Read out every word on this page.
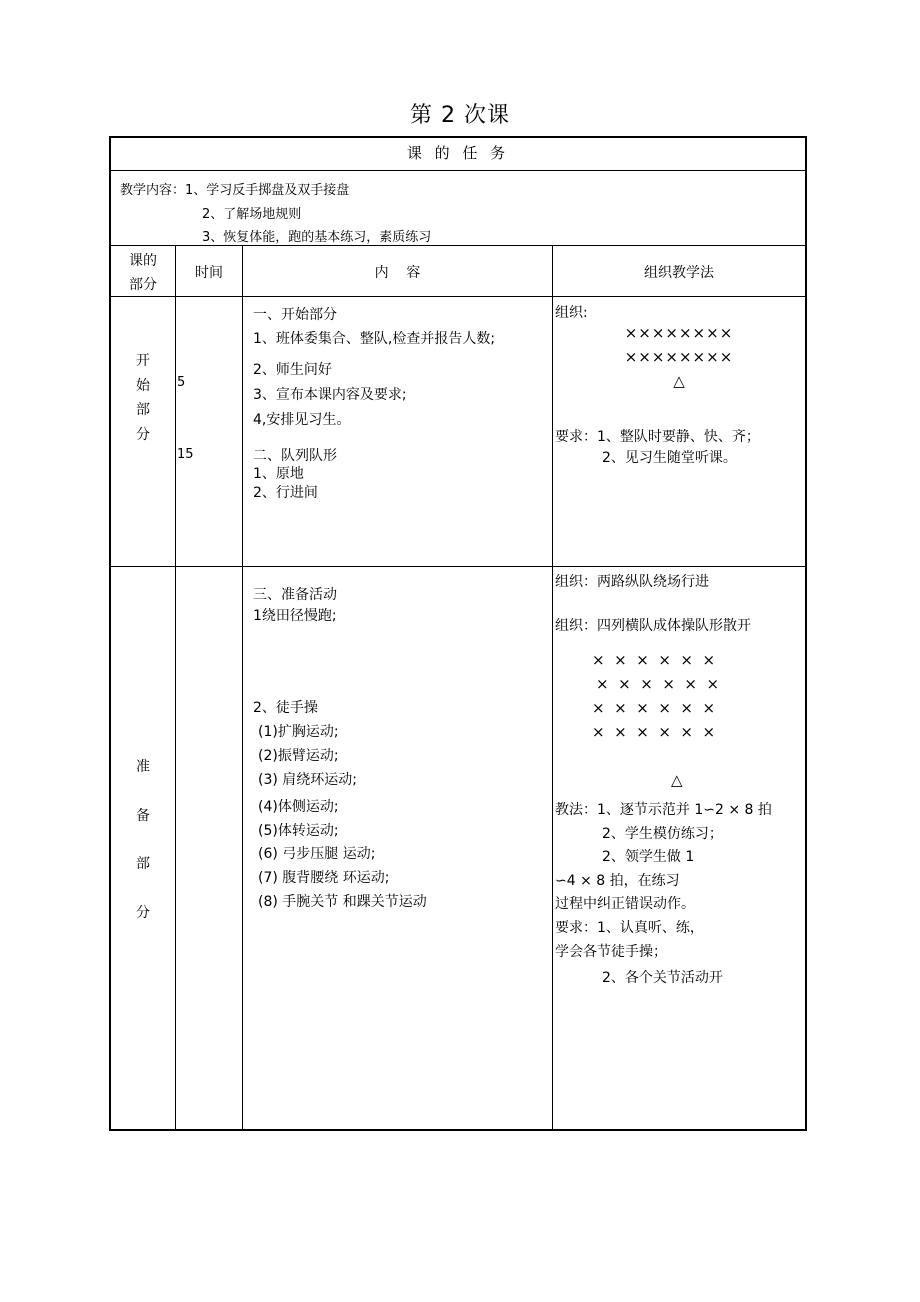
第 2 次课
课 的 任 务
教学内容：1、学习反手掷盘及双手接盘
2、了解场地规则
3、恢复体能，跑的基本练习，素质练习
课的
部分
时间	内    容	组织教学法
开
始
部
分
5
15
一、开始部分
1、班体委集合、整队,检查并报告人数;
2、师生问好
3、宣布本课内容及要求;
4,安排见习生。
二、队列队形
1、原地
2、行进间
组织:
××××××××
××××××××
△
要求：1、整队时要静、快、齐；
2、见习生随堂听课。
准
备
部
分
三、准备活动
1绕田径慢跑;
2、徒手操
(1)扩胸运动;
(2)振臂运动;
(3) 肩绕环运动;
(4)体侧运动;
(5)体转运动;
(6) 弓步压腿 运动;
(7) 腹背腰绕 环运动;
(8) 手腕关节 和踝关节运动
组织：两路纵队绕场行进
组织：四列横队成体操队形散开
×  ×  ×  ×  ×  ×
×  ×  ×  ×  ×  ×
×  ×  ×  ×  ×  ×
×  ×  ×  ×  ×  ×
△
教法：1、逐节示范并 1∽2 ⨯ 8 拍
2、学生模仿练习；
2、领学生做 1
∽4 ⨯ 8 拍，在练习
过程中纠正错误动作。
要求：1、认真听、练，
学会各节徒手操；
2、各个关节活动开
